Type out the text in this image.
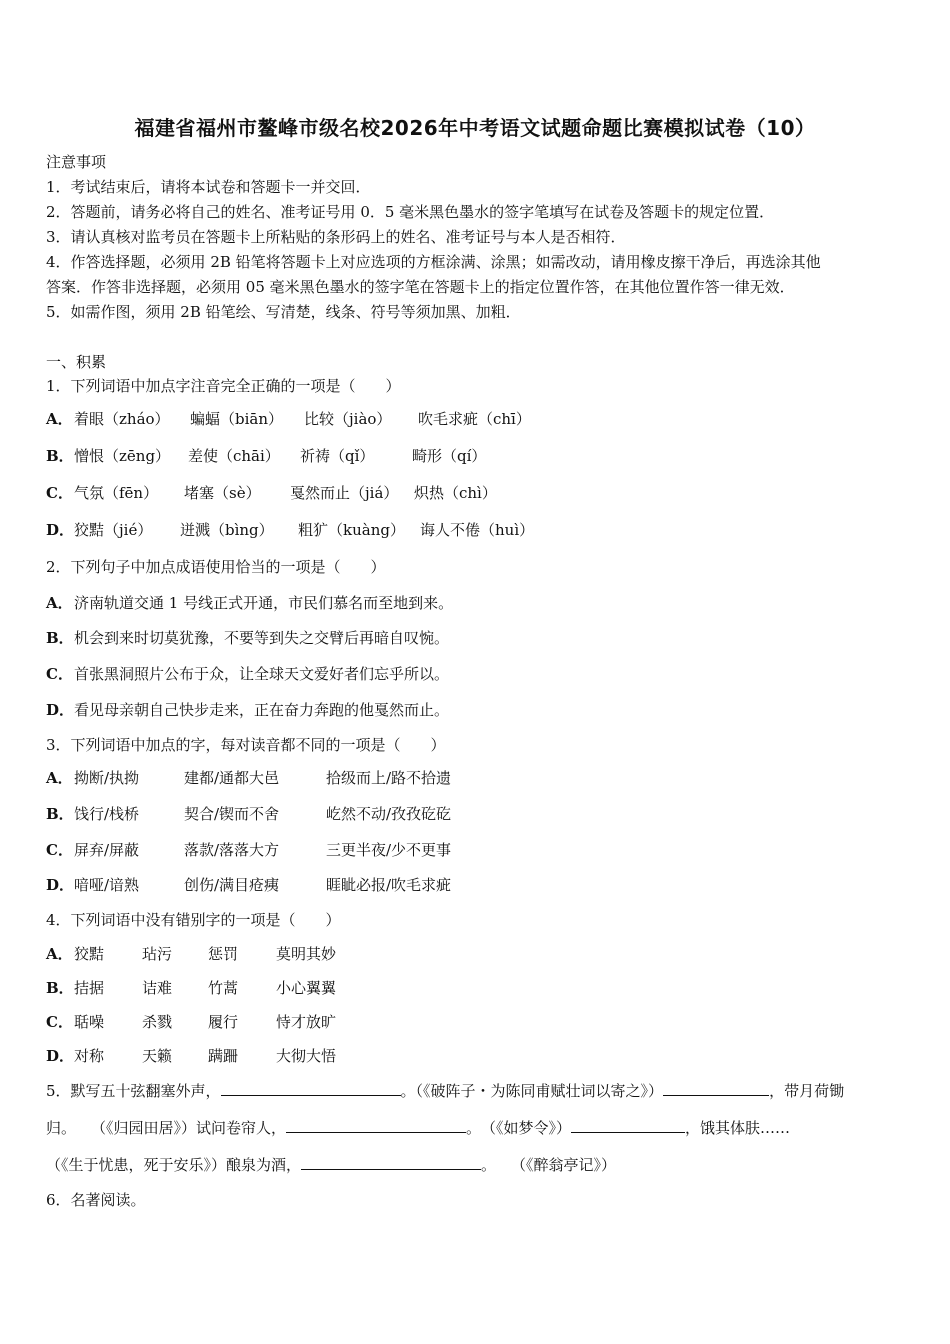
福建省福州市鳌峰市级名校2026年中考语文试题命题比赛模拟试卷（10）
注意事项
1．考试结束后，请将本试卷和答题卡一并交回．
2．答题前，请务必将自己的姓名、准考证号用 0．5 毫米黑色墨水的签字笔填写在试卷及答题卡的规定位置．
3．请认真核对监考员在答题卡上所粘贴的条形码上的姓名、准考证号与本人是否相符．
4．作答选择题，必须用 2B 铅笔将答题卡上对应选项的方框涂满、涂黑；如需改动，请用橡皮擦干净后，再选涂其他
答案．作答非选择题，必须用 05 毫米黑色墨水的签字笔在答题卡上的指定位置作答，在其他位置作答一律无效．
5．如需作图，须用 2B 铅笔绘、写清楚，线条、符号等须加黑、加粗．
一、积累
1．下列词语中加点字注音完全正确的一项是（　　）
A． 着眼（zháo） 蝙蝠（biān） 比较（jiào） 吹毛求疵（chī）
B． 憎恨（zēng） 差使（chāi） 祈祷（qǐ）	畸形（qí）
C． 气氛（fēn） 堵塞（sè） 戛然而止（jiá） 炽热（chì）
D． 狡黠（jié） 迸溅（bìng） 粗犷（kuàng） 诲人不倦（huì）
2．下列句子中加点成语使用恰当的一项是（　　）
A． 济南轨道交通 1 号线正式开通，市民们慕名而至地到来。
B． 机会到来时切莫犹豫，不要等到失之交臂后再暗自叹惋。
C． 首张黑洞照片公布于众，让全球天文爱好者们忘乎所以。
D． 看见母亲朝自己快步走来，正在奋力奔跑的他戛然而止。
3．下列词语中加点的字，每对读音都不同的一项是（　　）
A． 拗断/执拗	建都/通都大邑	拾级而上/路不拾遗
B． 饯行/栈桥	契合/锲而不舍	屹然不动/孜孜矻矻
C． 屏弃/屏蔽	落款/落落大方	三更半夜/少不更事
D． 喑哑/谙熟	创伤/满目疮痍	睚眦必报/吹毛求疵
4．下列词语中没有错别字的一项是（　　）
A． 狡黠	玷污 惩罚	莫明其妙
B． 拮据	诘难 竹蒿	小心翼翼
C． 聒噪	杀戮 履行	恃才放旷
D． 对称	天籁 蹒跚	大彻大悟
5．默写五十弦翻塞外声，	。（《破阵子・为陈同甫赋壮词以寄之》）	，带月荷锄
归。　　（《归园田居》）试问卷帘人，	。　（《如梦令》）	，饿其体肤……
（《生于忧患，死于安乐》）酿泉为酒，	。　　（《醉翁亭记》）
6．名著阅读。
